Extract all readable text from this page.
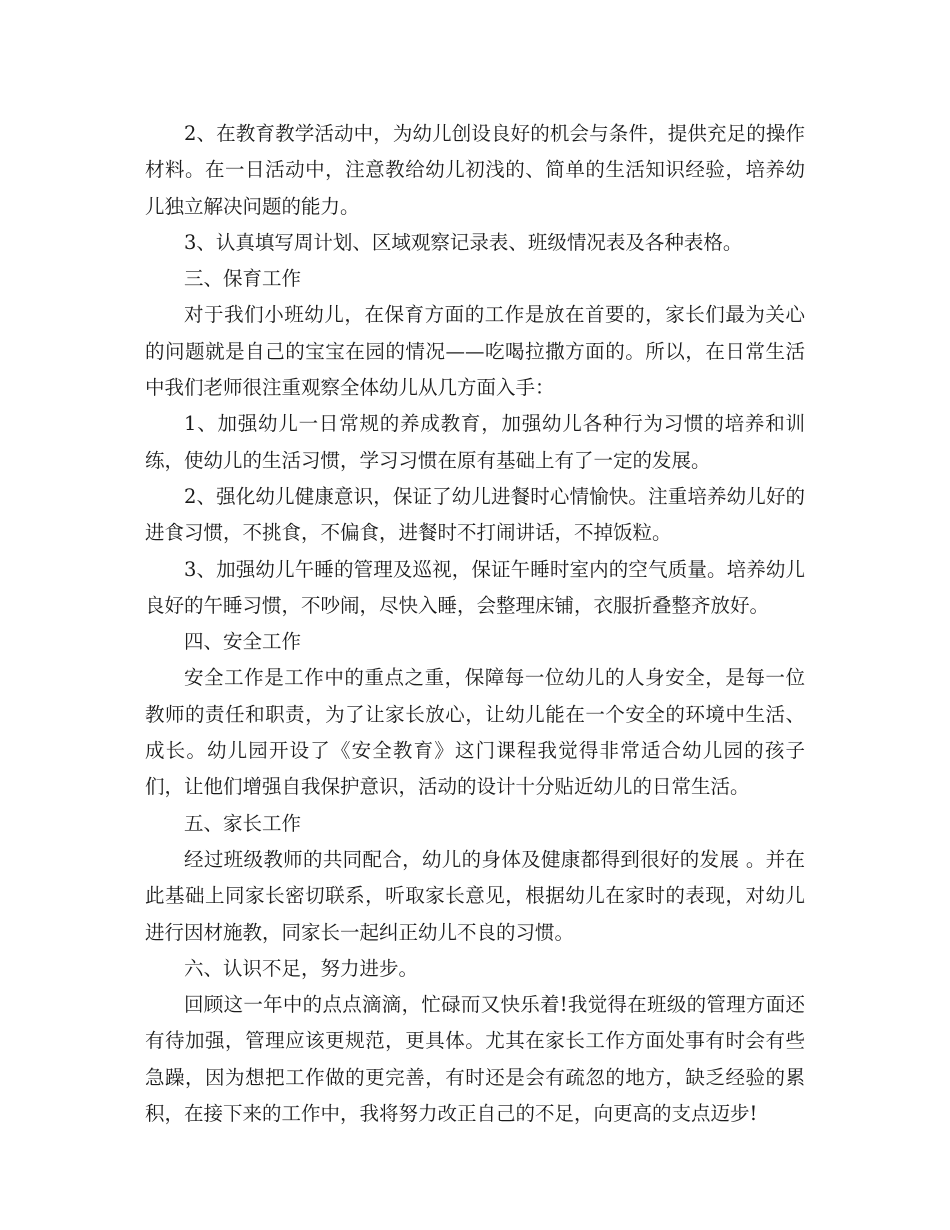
2、在教育教学活动中，为幼儿创设良好的机会与条件，提供充足的操作材料。在一日活动中，注意教给幼儿初浅的、简单的生活知识经验，培养幼儿独立解决问题的能力。

3、认真填写周计划、区域观察记录表、班级情况表及各种表格。

三、保育工作

对于我们小班幼儿，在保育方面的工作是放在首要的，家长们最为关心的问题就是自己的宝宝在园的情况——吃喝拉撒方面的。所以，在日常生活中我们老师很注重观察全体幼儿从几方面入手：

1、加强幼儿一日常规的养成教育，加强幼儿各种行为习惯的培养和训练，使幼儿的生活习惯，学习习惯在原有基础上有了一定的发展。

2、强化幼儿健康意识，保证了幼儿进餐时心情愉快。注重培养幼儿好的进食习惯，不挑食，不偏食，进餐时不打闹讲话，不掉饭粒。

3、加强幼儿午睡的管理及巡视，保证午睡时室内的空气质量。培养幼儿良好的午睡习惯，不吵闹，尽快入睡，会整理床铺，衣服折叠整齐放好。

四、安全工作

安全工作是工作中的重点之重，保障每一位幼儿的人身安全，是每一位教师的责任和职责，为了让家长放心，让幼儿能在一个安全的环境中生活、成长。幼儿园开设了《安全教育》这门课程我觉得非常适合幼儿园的孩子们，让他们增强自我保护意识，活动的设计十分贴近幼儿的日常生活。

五、家长工作

经过班级教师的共同配合，幼儿的身体及健康都得到很好的发展 。并在此基础上同家长密切联系，听取家长意见，根据幼儿在家时的表现，对幼儿进行因材施教，同家长一起纠正幼儿不良的习惯。

六、认识不足，努力进步。

回顾这一年中的点点滴滴，忙碌而又快乐着!我觉得在班级的管理方面还有待加强，管理应该更规范，更具体。尤其在家长工作方面处事有时会有些急躁，因为想把工作做的更完善，有时还是会有疏忽的地方，缺乏经验的累积，在接下来的工作中，我将努力改正自己的不足，向更高的支点迈步!
